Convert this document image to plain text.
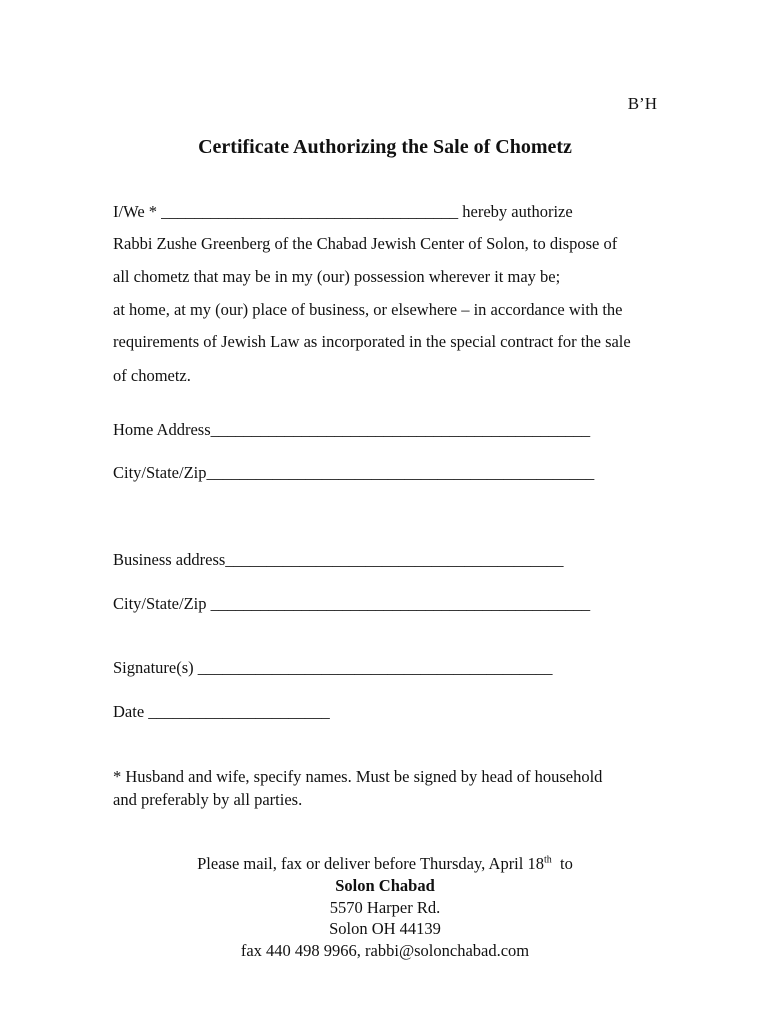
B’H
Certificate Authorizing the Sale of Chometz
I/We * ____________________________________ hereby authorize
Rabbi Zushe Greenberg of the Chabad Jewish Center of Solon, to dispose of
all chometz that may be in my (our) possession wherever it may be;
at home, at my (our) place of business, or elsewhere – in accordance with the
requirements of Jewish Law as incorporated in the special contract for the sale
of chometz.
Home Address______________________________________________
City/State/Zip_______________________________________________
Business address_________________________________________
City/State/Zip ______________________________________________
Signature(s) ___________________________________________
Date ______________________
* Husband and wife, specify names. Must be signed by head of household
and preferably by all parties.
Please mail, fax or deliver before Thursday, April 18th  to
Solon Chabad
5570 Harper Rd.
Solon OH 44139
fax 440 498 9966, rabbi@solonchabad.com
